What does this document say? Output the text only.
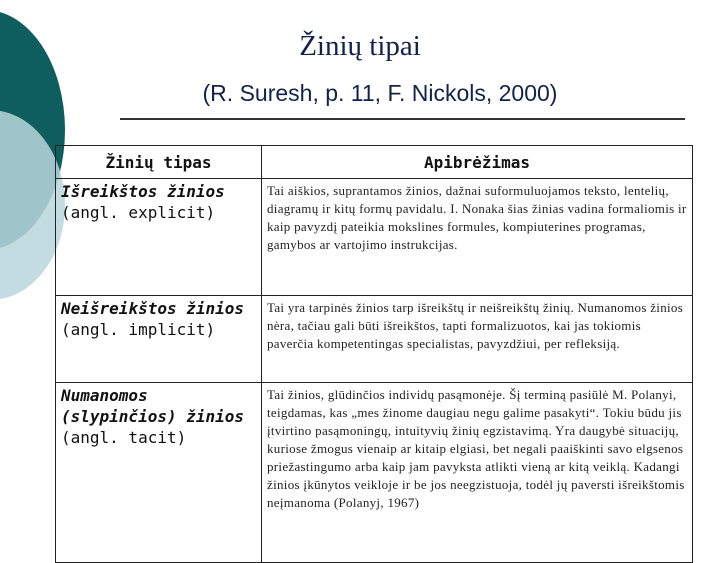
Žinių tipai
(R. Suresh, p. 11, F. Nickols, 2000)
Žinių tipas	Apibrėžimas
Išreikštos žinios
(angl. explicit)	Tai aiškios, suprantamos žinios, dažnai suformuluojamos teksto, lentelių, diagramų ir kitų formų pavidalu. I. Nonaka šias žinias vadina formaliomis ir kaip pavyzdį pateikia mokslines formules, kompiuterines programas, gamybos ar vartojimo instrukcijas.
Neišreikštos žinios
(angl. implicit)	Tai yra tarpinės žinios tarp išreikštų ir neišreikštų žinių. Numanomos žinios nėra, tačiau gali būti išreikštos, tapti formalizuotos, kai jas tokiomis paverčia kompetentingas specialistas, pavyzdžiui, per refleksiją.
Numanomos (slypinčios) žinios
(angl. tacit)	Tai žinios, glūdinčios individų pasąmonėje. Šį terminą pasiūlė M. Polanyi, teigdamas, kas „mes žinome daugiau negu galime pasakyti“. Tokiu būdu jis įtvirtino pasąmoningų, intuityvių žinių egzistavimą. Yra daugybė situacijų, kuriose žmogus vienaip ar kitaip elgiasi, bet negali paaiškinti savo elgsenos priežastingumo arba kaip jam pavyksta atlikti vieną ar kitą veiklą. Kadangi žinios įkūnytos veikloje ir be jos neegzistuoja, todėl jų paversti išreikštomis neįmanoma (Polanyj, 1967)
